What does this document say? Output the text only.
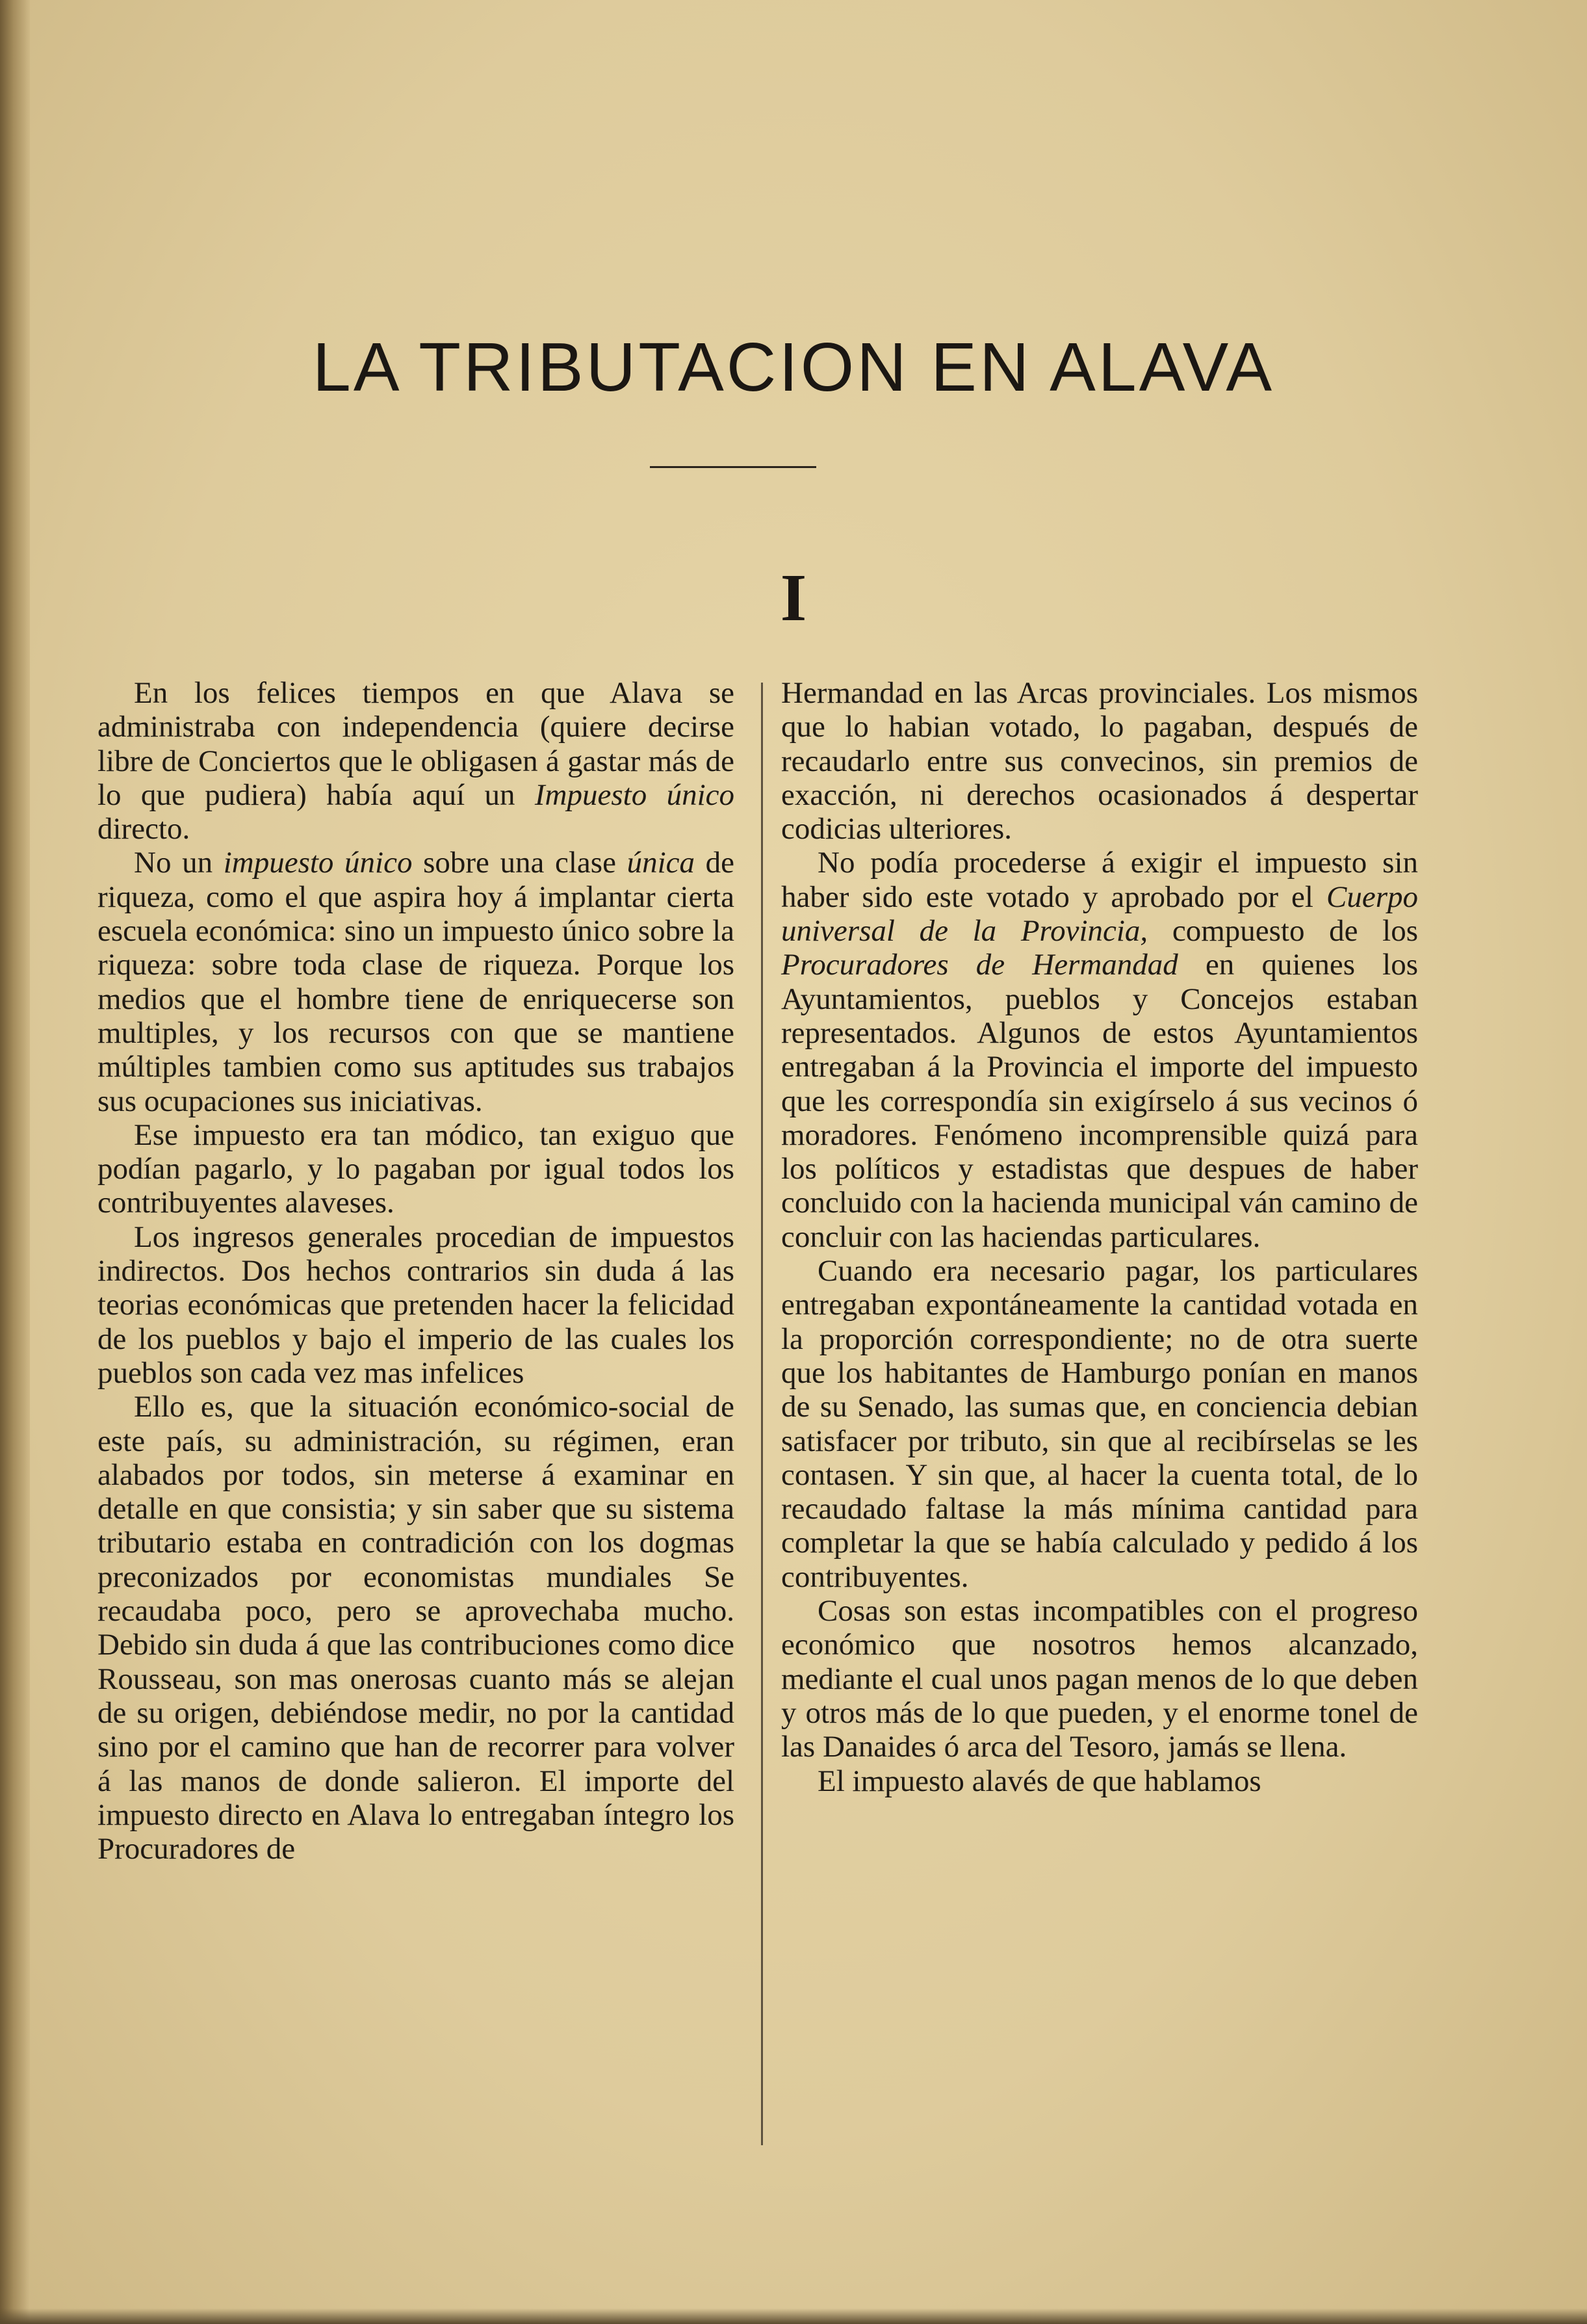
LA TRIBUTACION EN ALAVA
I

En los felices tiempos en que Alava se administraba con independencia (quiere decirse libre de Conciertos que le obligasen á gastar más de lo que pudiera) había aquí un Impuesto único directo.

No un impuesto único sobre una clase única de riqueza, como el que aspira hoy á implantar cierta escuela económica: sino un impuesto único sobre la riqueza: sobre toda clase de riqueza. Porque los medios que el hombre tiene de enriquecerse son multiples, y los recursos con que se mantiene múltiples tambien como sus aptitudes sus trabajos sus ocupaciones sus iniciativas.

Ese impuesto era tan módico, tan exiguo que podían pagarlo, y lo pagaban por igual todos los contribuyentes alaveses.

Los ingresos generales procedian de impuestos indirectos. Dos hechos contrarios sin duda á las teorias económicas que pretenden hacer la felicidad de los pueblos y bajo el imperio de las cuales los pueblos son cada vez mas infelices

Ello es, que la situación económico-social de este país, su administración, su régimen, eran alabados por todos, sin meterse á examinar en detalle en que consistia; y sin saber que su sistema tributario estaba en contradición con los dogmas preconizados por economistas mundiales Se recaudaba poco, pero se aprovechaba mucho. Debido sin duda á que las contribuciones como dice Rousseau, son mas onerosas cuanto más se alejan de su origen, debiéndose medir, no por la cantidad sino por el camino que han de recorrer para volver á las manos de donde salieron. El importe del impuesto directo en Alava lo entregaban íntegro los Procuradores de

Hermandad en las Arcas provinciales. Los mismos que lo habian votado, lo pagaban, después de recaudarlo entre sus convecinos, sin premios de exacción, ni derechos ocasionados á despertar codicias ulteriores.

No podía procederse á exigir el impuesto sin haber sido este votado y aprobado por el Cuerpo universal de la Provincia, compuesto de los Procuradores de Hermandad en quienes los Ayuntamientos, pueblos y Concejos estaban representados. Algunos de estos Ayuntamientos entregaban á la Provincia el importe del impuesto que les correspondía sin exigírselo á sus vecinos ó moradores. Fenómeno incomprensible quizá para los políticos y estadistas que despues de haber concluido con la hacienda municipal ván camino de concluir con las haciendas particulares.

Cuando era necesario pagar, los particulares entregaban expontáneamente la cantidad votada en la proporción correspondiente; no de otra suerte que los habitantes de Hamburgo ponían en manos de su Senado, las sumas que, en conciencia debian satisfacer por tributo, sin que al recibírselas se les contasen. Y sin que, al hacer la cuenta total, de lo recaudado faltase la más mínima cantidad para completar la que se había calculado y pedido á los contribuyentes.

Cosas son estas incompatibles con el progreso económico que nosotros hemos alcanzado, mediante el cual unos pagan menos de lo que deben y otros más de lo que pueden, y el enorme tonel de las Danaides ó arca del Tesoro, jamás se llena.

El impuesto alavés de que hablamos
